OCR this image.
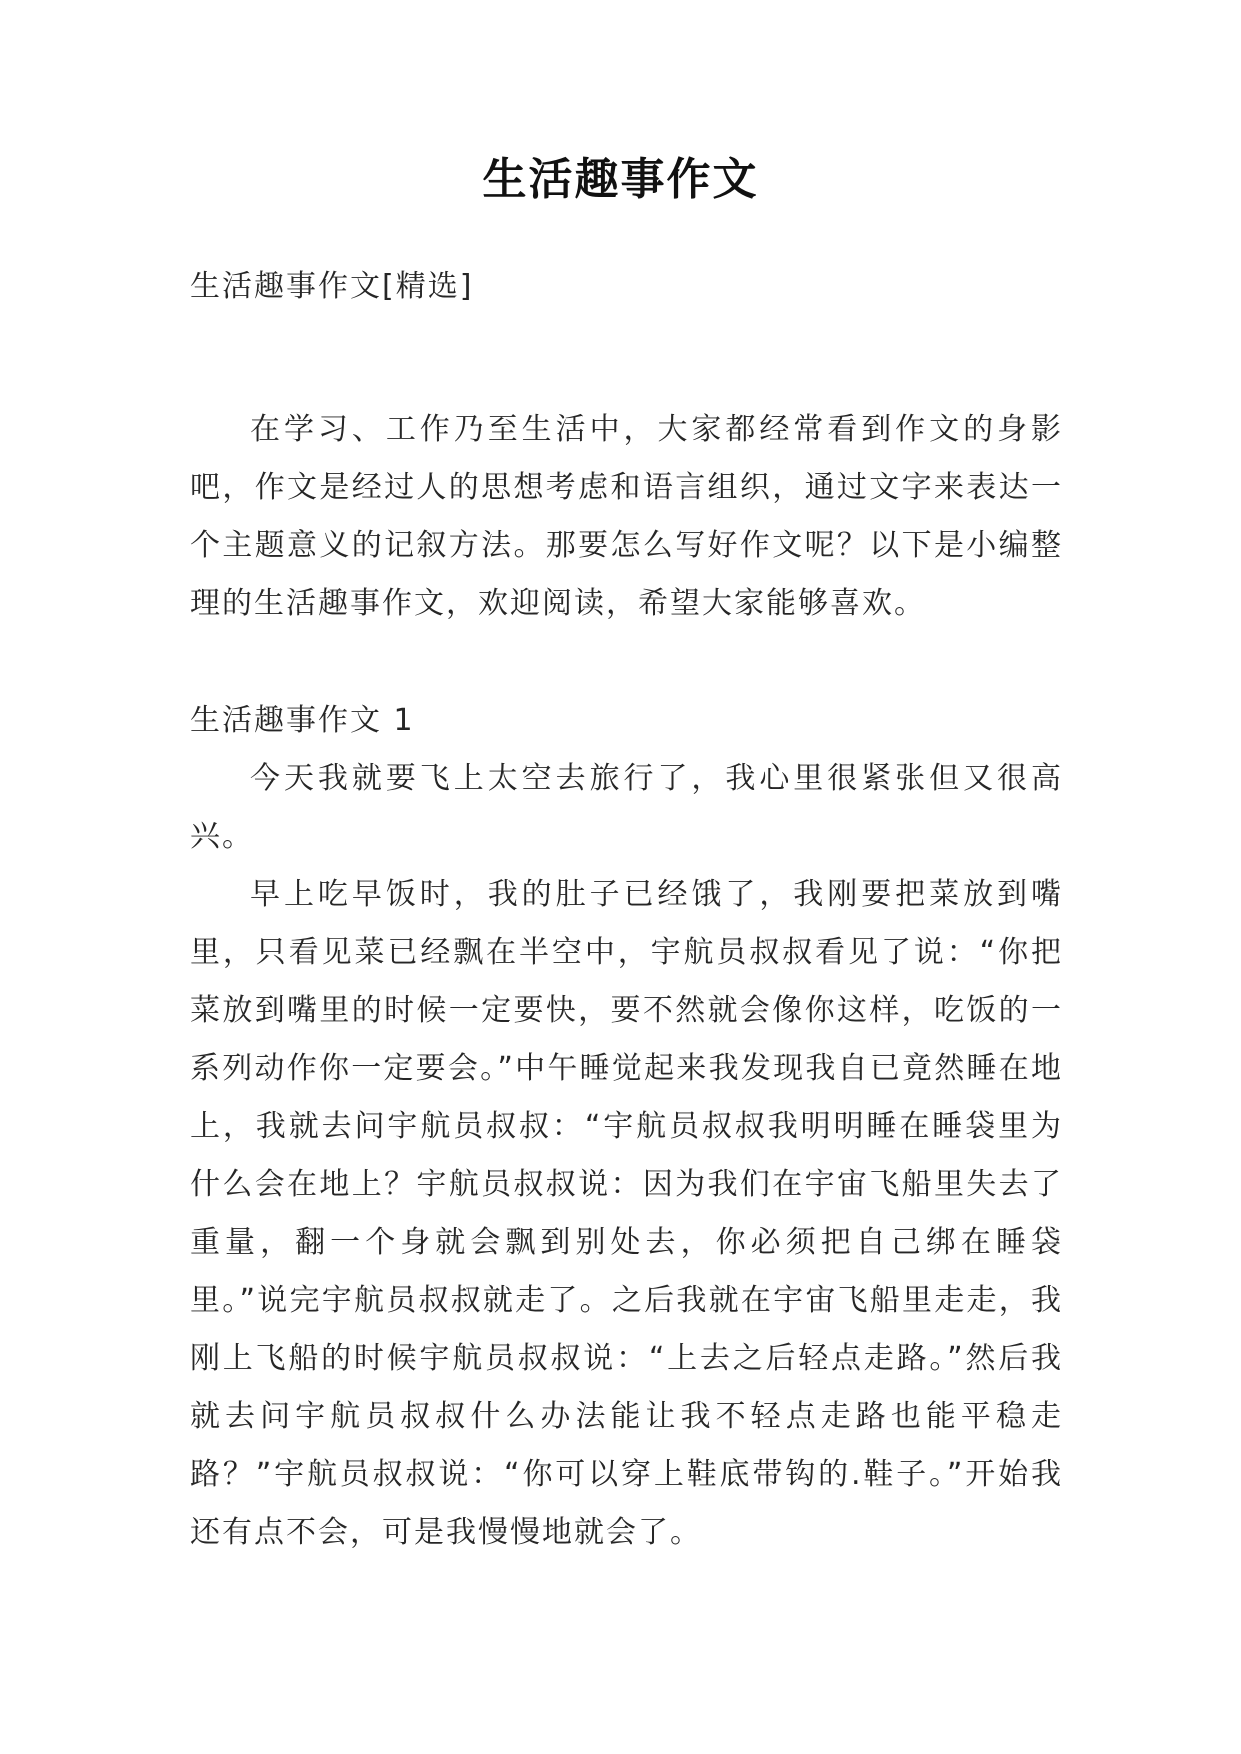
生活趣事作文
生活趣事作文[精选]

在学习、工作乃至生活中，大家都经常看到作文的身影吧，作文是经过人的思想考虑和语言组织，通过文字来表达一个主题意义的记叙方法。那要怎么写好作文呢？以下是小编整理的生活趣事作文，欢迎阅读，希望大家能够喜欢。

生活趣事作文 1

今天我就要飞上太空去旅行了，我心里很紧张但又很高兴。

早上吃早饭时，我的肚子已经饿了，我刚要把菜放到嘴里，只看见菜已经飘在半空中，宇航员叔叔看见了说：“你把菜放到嘴里的时候一定要快，要不然就会像你这样，吃饭的一系列动作你一定要会。”中午睡觉起来我发现我自已竟然睡在地上，我就去问宇航员叔叔：“宇航员叔叔我明明睡在睡袋里为什么会在地上？宇航员叔叔说：因为我们在宇宙飞船里失去了重量，翻一个身就会飘到别处去，你必须把自己绑在睡袋里。”说完宇航员叔叔就走了。之后我就在宇宙飞船里走走，我刚上飞船的时候宇航员叔叔说：“上去之后轻点走路。”然后我就去问宇航员叔叔什么办法能让我不轻点走路也能平稳走路？”宇航员叔叔说：“你可以穿上鞋底带钩的.鞋子。”开始我还有点不会，可是我慢慢地就会了。
